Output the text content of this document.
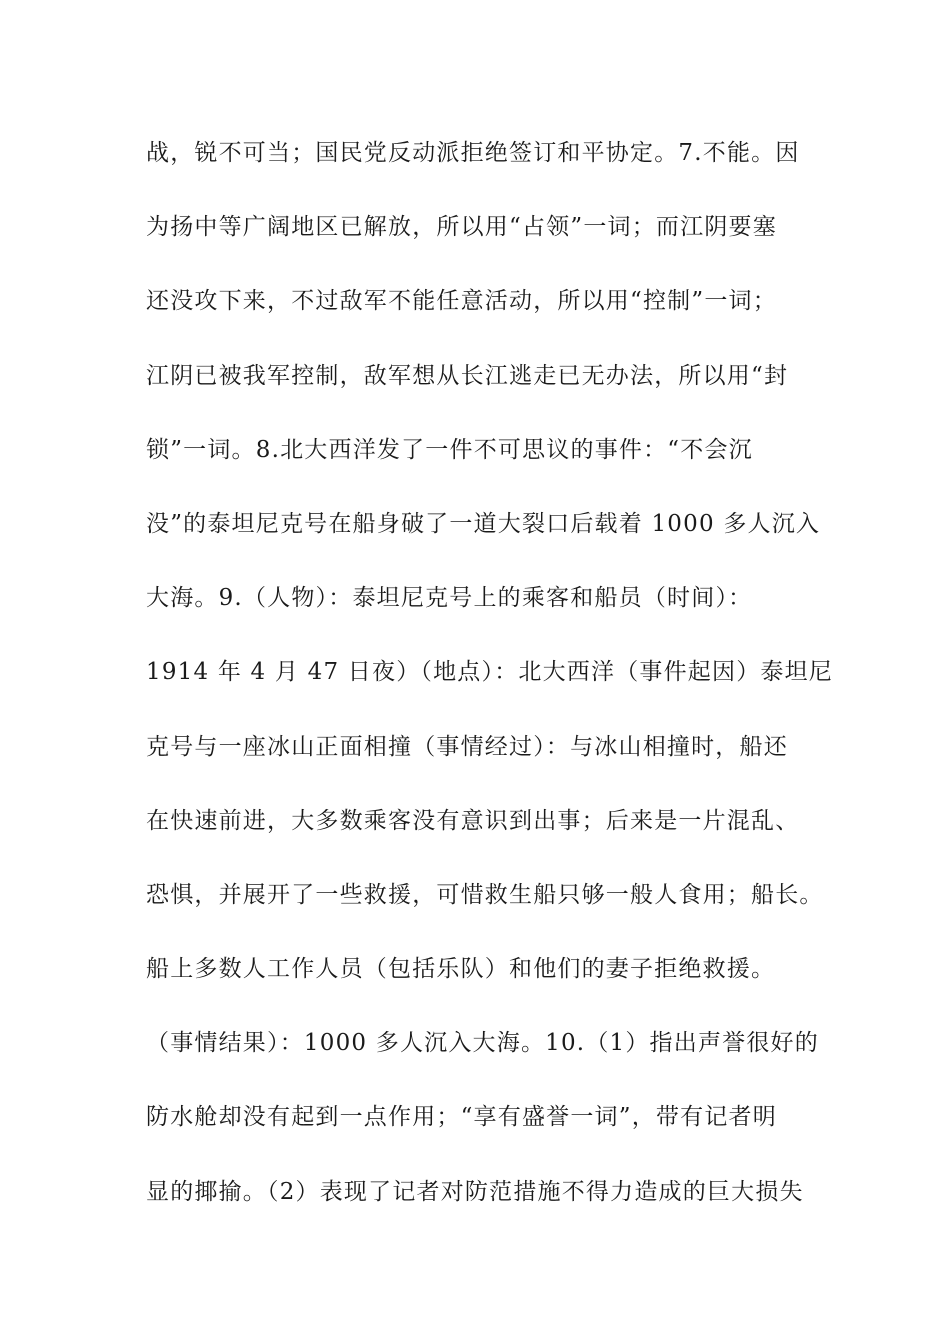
战，锐不可当；国民党反动派拒绝签订和平协定。7.不能。因
为扬中等广阔地区已解放，所以用“占领”一词；而江阴要塞
还没攻下来，不过敌军不能任意活动，所以用“控制”一词；
江阴已被我军控制，敌军想从长江逃走已无办法，所以用“封
锁”一词。8.北大西洋发了一件不可思议的事件：“不会沉
没”的泰坦尼克号在船身破了一道大裂口后载着 1000 多人沉入
大海。9.（人物）：泰坦尼克号上的乘客和船员（时间）：
1914 年 4 月 47 日夜）（地点）：北大西洋（事件起因）泰坦尼
克号与一座冰山正面相撞（事情经过）：与冰山相撞时，船还
在快速前进，大多数乘客没有意识到出事；后来是一片混乱、
恐惧，并展开了一些救援，可惜救生船只够一般人食用；船长。
船上多数人工作人员（包括乐队）和他们的妻子拒绝救援。
（事情结果）：1000 多人沉入大海。10.（1）指出声誉很好的
防水舱却没有起到一点作用；“享有盛誉一词”，带有记者明
显的揶揄。（2）表现了记者对防范措施不得力造成的巨大损失
